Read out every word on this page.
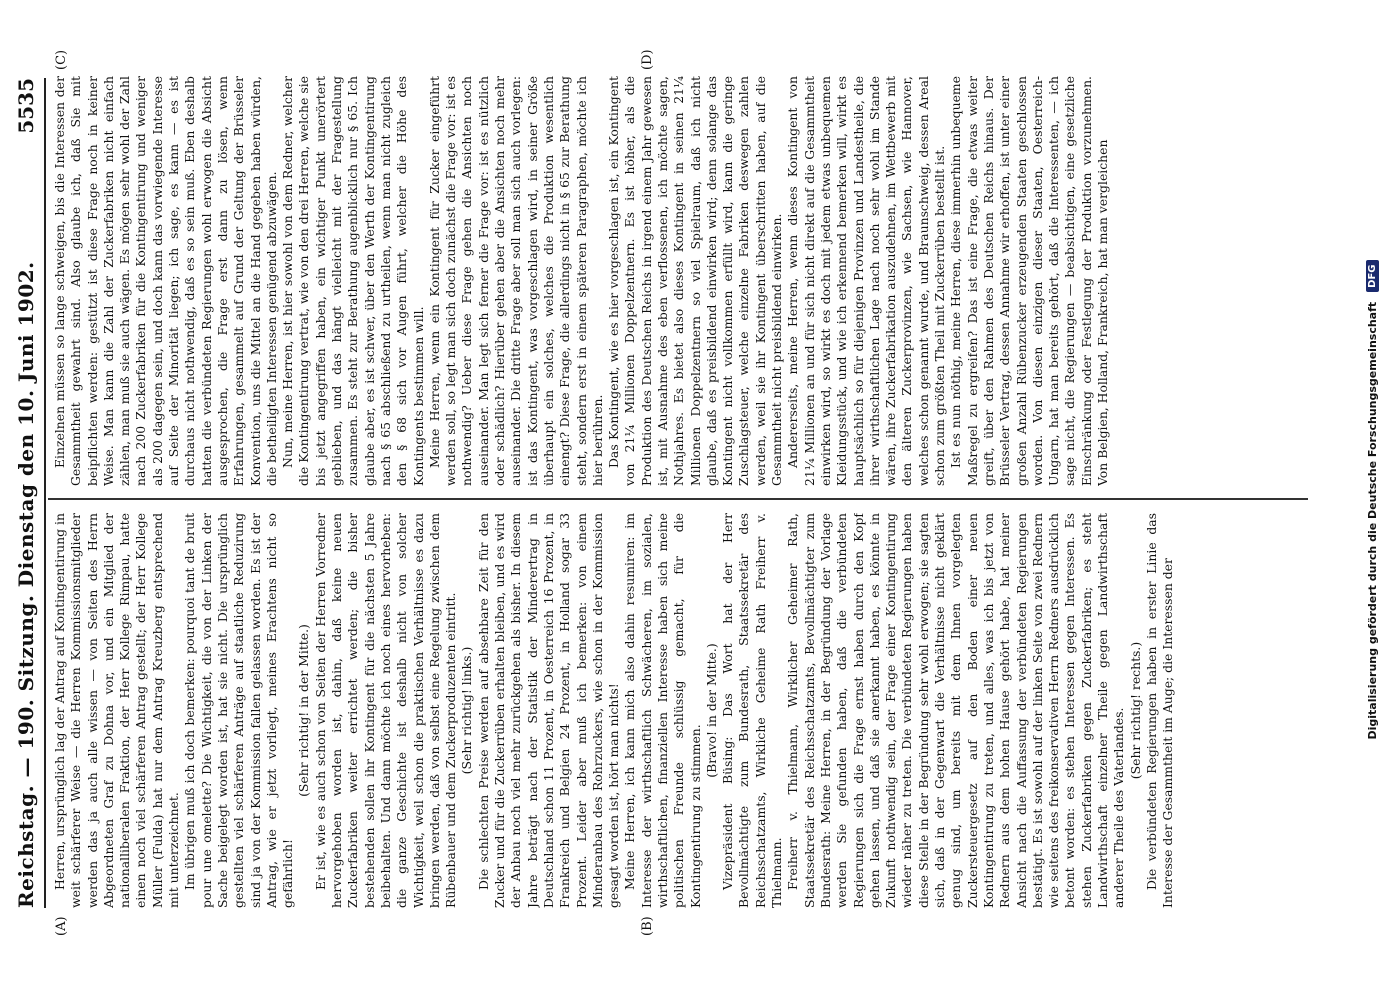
Reichstag. — 190. Sitzung. Dienstag den 10. Juni 1902.
5535
(A)	(B)
(C)	(D)

Herren, ursprünglich lag der Antrag auf Kontingentirung in weit schärferer Weise — die Herren Kommissionsmitglieder werden das ja auch alle wissen — von Seiten des Herrn Abgeordneten Graf zu Dohna vor, und ein Mitglied der nationalliberalen Fraktion, der Herr Kollege Rimpau, hatte einen noch viel schärferen Antrag gestellt; der Herr Kollege Müller (Fulda) hat nur dem Antrag Kreuzberg entsprechend mit unterzeichnet. Im übrigen muß ich doch bemerken: pourquoi tant de bruit pour une omelette? Die Wichtigkeit, die von der Linken der Sache beigelegt worden ist, hat sie nicht. Die ursprünglich gestellten viel schärferen Anträge auf staatliche Reduzirung sind ja von der Kommission fallen gelassen worden. Es ist der Antrag, wie er jetzt vorliegt, meines Erachtens nicht so gefährlich!

(Sehr richtig! in der Mitte.) Er ist, wie es auch schon von Seiten der Herren Vorredner hervorgehoben worden ist, dahin, daß keine neuen Zuckerfabriken weiter errichtet werden; die bisher bestehenden sollen ihr Kontingent für die nächsten 5 Jahre beibehalten. Und dann möchte ich noch eines hervorheben: die ganze Geschichte ist deshalb nicht von solcher Wichtigkeit, weil schon die praktischen Verhältnisse es dazu bringen werden, daß von selbst eine Regelung zwischen dem Rübenbauer und dem Zuckerproduzenten eintritt. (Sehr richtig! links.) Die schlechten Preise werden auf absehbare Zeit für den Zucker und für die Zuckerrüben erhalten bleiben, und es wird der Anbau noch viel mehr zurückgehen als bisher. In diesem Jahre beträgt nach der Statistik der Minderertrag in Deutschland schon 11 Prozent, in Oesterreich 16 Prozent, in Frankreich und Belgien 24 Prozent, in Holland sogar 33 Prozent. Leider aber muß ich bemerken: von einem Minderanbau des Rohrzuckers, wie schon in der Kommission gesagt worden ist, hört man nichts! Meine Herren, ich kann mich also dahin resumiren: im Interesse der wirthschaftlich Schwächeren, im sozialen, wirthschaftlichen, finanziellen Interesse haben sich meine politischen Freunde schlüssig gemacht, für die Kontingentirung zu stimmen.

(Bravo! in der Mitte.) Vizepräsident Büsing: Das Wort hat der Herr Bevollmächtigte zum Bundesrath, Staatssekretär des Reichsschatzamts, Wirkliche Geheime Rath Freiherr v. Thielmann. Freiherr v. Thielmann, Wirklicher Geheimer Rath, Staatssekretär des Reichsschatzamts, Bevollmächtigter zum Bundesrath: Meine Herren, in der Begründung der Vorlage werden Sie gefunden haben, daß die verbündeten Regierungen sich die Frage ernst haben durch den Kopf gehen lassen, und daß sie anerkannt haben, es könnte in Zukunft nothwendig sein, der Frage einer Kontingentirung wieder näher zu treten. Die verbündeten Regierungen haben diese Stelle in der Begründung sehr wohl erwogen; sie sagten sich, daß in der Gegenwart die Verhältnisse nicht geklärt genug sind, um bereits mit dem Ihnen vorgelegten Zuckersteuergesetz auf den Boden einer neuen Kontingentirung zu treten, und alles, was ich bis jetzt von Rednern aus dem hohen Hause gehört habe, hat meiner Ansicht nach die Auffassung der verbündeten Regierungen bestätigt. Es ist sowohl auf der linken Seite von zwei Rednern wie seitens des freikonservativen Herrn Redners ausdrücklich betont worden: es stehen Interessen gegen Interessen. Es stehen Zuckerfabriken gegen Zuckerfabriken; es steht Landwirthschaft einzelner Theile gegen Landwirthschaft anderer Theile des Vaterlandes. (Sehr richtig! rechts.) Die verbündeten Regierungen haben in erster Linie das Interesse der Gesammtheit im Auge; die Interessen der

Einzelnen müssen so lange schweigen, bis die Interessen der Gesammtheit gewahrt sind. Also glaube ich, daß Sie mit beipflichten werden: gestützt ist diese Frage noch in keiner Weise. Man kann die Zahl der Zuckerfabriken nicht einfach zählen, man muß sie auch wägen. Es mögen sehr wohl der Zahl nach 200 Zuckerfabriken für die Kontingentirung und weniger als 200 dagegen sein, und doch kann das vorwiegende Interesse auf Seite der Minorität liegen; ich sage, es kann — es ist durchaus nicht nothwendig, daß es so sein muß. Eben deshalb hatten die verbündeten Regierungen wohl erwogen die Absicht ausgesprochen, die Frage erst dann zu lösen, wenn Erfahrungen, gesammelt auf Grund der Geltung der Brüsseler Konvention, uns die Mittel an die Hand gegeben haben würden, die betheiligten Interessen genügend abzuwägen. Nun, meine Herren, ist hier sowohl von dem Redner, welcher die Kontingentirung vertrat, wie von den drei Herren, welche sie bis jetzt angegriffen haben, ein wichtiger Punkt unerörtert geblieben, und das hängt vielleicht mit der Fragestellung zusammen. Es steht zur Berathung augenblicklich nur § 65. Ich glaube aber, es ist schwer, über den Werth der Kontingentirung nach § 65 abschließend zu urtheilen, wenn man nicht zugleich den § 68 sich vor Augen führt, welcher die Höhe des Kontingents bestimmen will. Meine Herren, wenn ein Kontingent für Zucker eingeführt werden soll, so legt man sich doch zunächst die Frage vor: ist es nothwendig? Ueber diese Frage gehen die Ansichten noch auseinander. Man legt sich ferner die Frage vor: ist es nützlich oder schädlich? Hierüber gehen aber die Ansichten noch mehr auseinander. Die dritte Frage aber soll man sich auch vorlegen: ist das Kontingent, was vorgeschlagen wird, in seiner Größe überhaupt ein solches, welches die Produktion wesentlich einengt? Diese Frage, die allerdings nicht in § 65 zur Berathung steht, sondern erst in einem späteren Paragraphen, möchte ich hier berühren. Das Kontingent, wie es hier vorgeschlagen ist, ein Kontingent von 21¼ Millionen Doppelzentnern. Es ist höher, als die Produktion des Deutschen Reichs in irgend einem Jahr gewesen ist, mit Ausnahme des eben verflossenen, ich möchte sagen, Nothjahres. Es bietet also dieses Kontingent in seinen 21¼ Millionen Doppelzentnern so viel Spielraum, daß ich nicht glaube, daß es preisbildend einwirken wird; denn solange das Kontingent nicht vollkommen erfüllt wird, kann die geringe Zuschlagsteuer, welche einzelne Fabriken deswegen zahlen werden, weil sie ihr Kontingent überschritten haben, auf die Gesammtheit nicht preisbildend einwirken. Andererseits, meine Herren, wenn dieses Kontingent von 21¼ Millionen an und für sich nicht direkt auf die Gesammtheit einwirken wird, so wirkt es doch mit jedem etwas unbequemen Kleidungsstück, und wie ich erkennend bemerken will, wirkt es hauptsächlich so für diejenigen Provinzen und Landestheile, die ihrer wirthschaftlichen Lage nach noch sehr wohl im Stande wären, ihre Zuckerfabrikation auszudehnen, im Wettbewerb mit den älteren Zuckerprovinzen, wie Sachsen, wie Hannover, welches schon genannt wurde, und Braunschweig, dessen Areal schon zum größten Theil mit Zuckerrüben bestellt ist. Ist es nun nöthig, meine Herren, diese immerhin unbequeme Maßregel zu ergreifen? Das ist eine Frage, die etwas weiter greift, über den Rahmen des Deutschen Reichs hinaus. Der Brüsseler Vertrag, dessen Annahme wir erhoffen, ist unter einer großen Anzahl Rübenzucker erzeugenden Staaten geschlossen worden. Von diesen einzigen dieser Staaten, Oesterreich-Ungarn, hat man bereits gehört, daß die Interessenten, — ich sage nicht, die Regierungen — beabsichtigen, eine gesetzliche Einschränkung oder Festlegung der Produktion vorzunehmen. Von Belgien, Holland, Frankreich, hat man vergleichen	Digitalisierung gefördert durch die Deutsche Forschungsgemeinschaft
DFG
